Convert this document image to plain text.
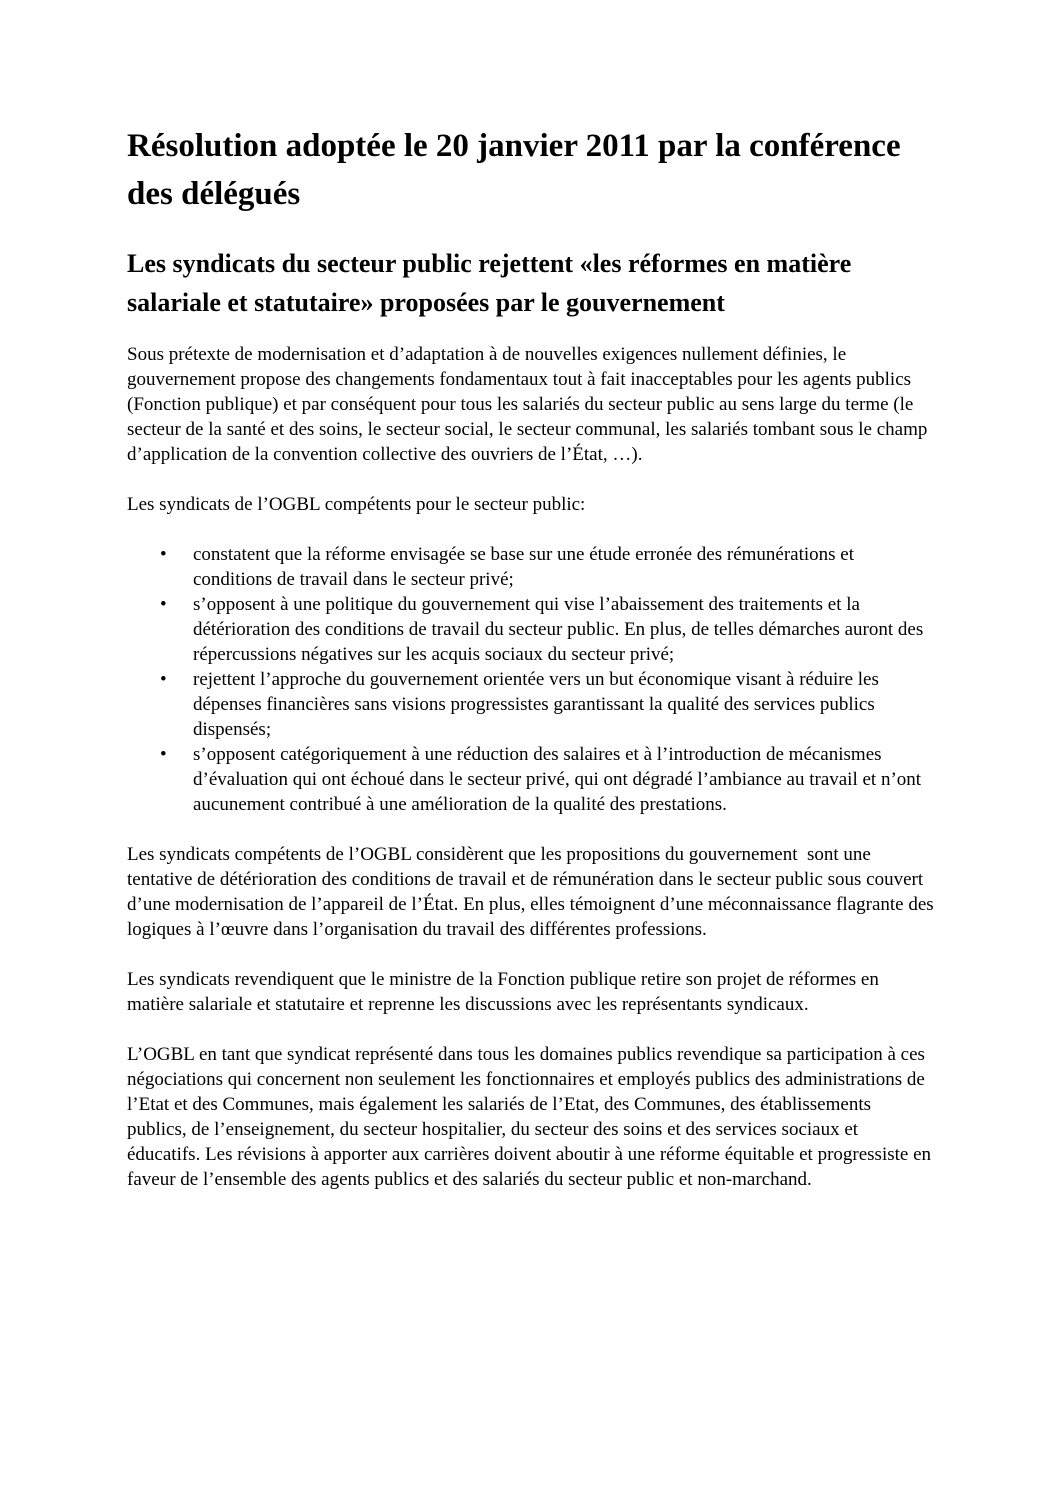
Résolution adoptée le 20 janvier 2011 par la conférence des délégués
Les syndicats du secteur public rejettent «les réformes en matière salariale et statutaire» proposées par le gouvernement

Sous prétexte de modernisation et d’adaptation à de nouvelles exigences nullement définies, le gouvernement propose des changements fondamentaux tout à fait inacceptables pour les agents publics (Fonction publique) et par conséquent pour tous les salariés du secteur public au sens large du terme (le secteur de la santé et des soins, le secteur social, le secteur communal, les salariés tombant sous le champ d’application de la convention collective des ouvriers de l’État, …).

Les syndicats de l’OGBL compétents pour le secteur public:

• constatent que la réforme envisagée se base sur une étude erronée des rémunérations et conditions de travail dans le secteur privé;
• s’opposent à une politique du gouvernement qui vise l’abaissement des traitements et la détérioration des conditions de travail du secteur public. En plus, de telles démarches auront des répercussions négatives sur les acquis sociaux du secteur privé;
• rejettent l’approche du gouvernement orientée vers un but économique visant à réduire les dépenses financières sans visions progressistes garantissant la qualité des services publics dispensés;
• s’opposent catégoriquement à une réduction des salaires et à l’introduction de mécanismes d’évaluation qui ont échoué dans le secteur privé, qui ont dégradé l’ambiance au travail et n’ont aucunement contribué à une amélioration de la qualité des prestations.

Les syndicats compétents de l’OGBL considèrent que les propositions du gouvernement  sont une tentative de détérioration des conditions de travail et de rémunération dans le secteur public sous couvert d’une modernisation de l’appareil de l’État. En plus, elles témoignent d’une méconnaissance flagrante des logiques à l’œuvre dans l’organisation du travail des différentes professions.

Les syndicats revendiquent que le ministre de la Fonction publique retire son projet de réformes en matière salariale et statutaire et reprenne les discussions avec les représentants syndicaux.

L’OGBL en tant que syndicat représenté dans tous les domaines publics revendique sa participation à ces négociations qui concernent non seulement les fonctionnaires et employés publics des administrations de l’Etat et des Communes, mais également les salariés de l’Etat, des Communes, des établissements publics, de l’enseignement, du secteur hospitalier, du secteur des soins et des services sociaux et éducatifs. Les révisions à apporter aux carrières doivent aboutir à une réforme équitable et progressiste en faveur de l’ensemble des agents publics et des salariés du secteur public et non-marchand.
